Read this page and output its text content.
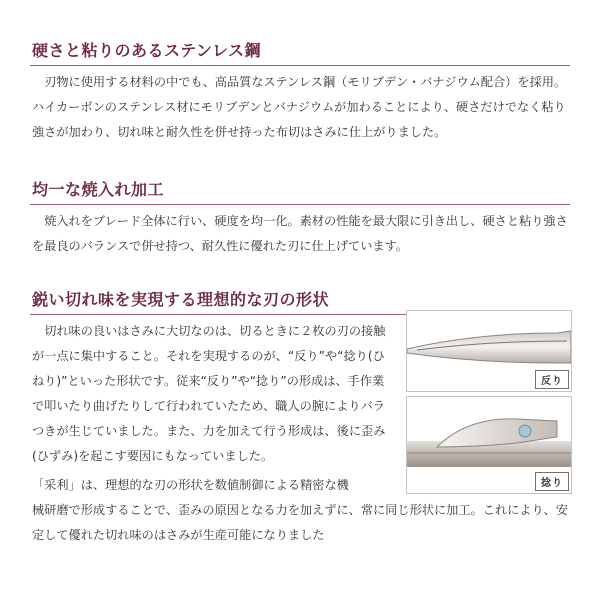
硬さと粘りのあるステンレス鋼

刃物に使用する材料の中でも、高品質なステンレス鋼（モリブデン・バナジウム配合）を採用。ハイカーボンのステンレス材にモリブデンとバナジウムが加わることにより、硬さだけでなく粘り強さが加わり、切れ味と耐久性を併せ持った布切はさみに仕上がりました。

均一な焼入れ加工

焼入れをブレード全体に行い、硬度を均一化。素材の性能を最大限に引き出し、硬さと粘り強さを最良のバランスで併せ持つ、耐久性に優れた刃に仕上げています。

鋭い切れ味を実現する理想的な刃の形状

切れ味の良いはさみに大切なのは、切るときに２枚の刃の接触が一点に集中すること。それを実現するのが、“反り”や“捻り(ひねり)”といった形状です。従来“反り”や“捻り”の形成は、手作業で叩いたり曲げたりして行われていたため、職人の腕によりバラつきが生じていました。また、力を加えて行う形成は、後に歪み(ひずみ)を起こす要因にもなっていました。

「采利」は、理想的な刃の形状を数値制御による精密な機

械研磨で形成することで、歪みの原因となる力を加えずに、常に同じ形状に加工。これにより、安定して優れた切れ味のはさみが生産可能になりました

反り
捻り
